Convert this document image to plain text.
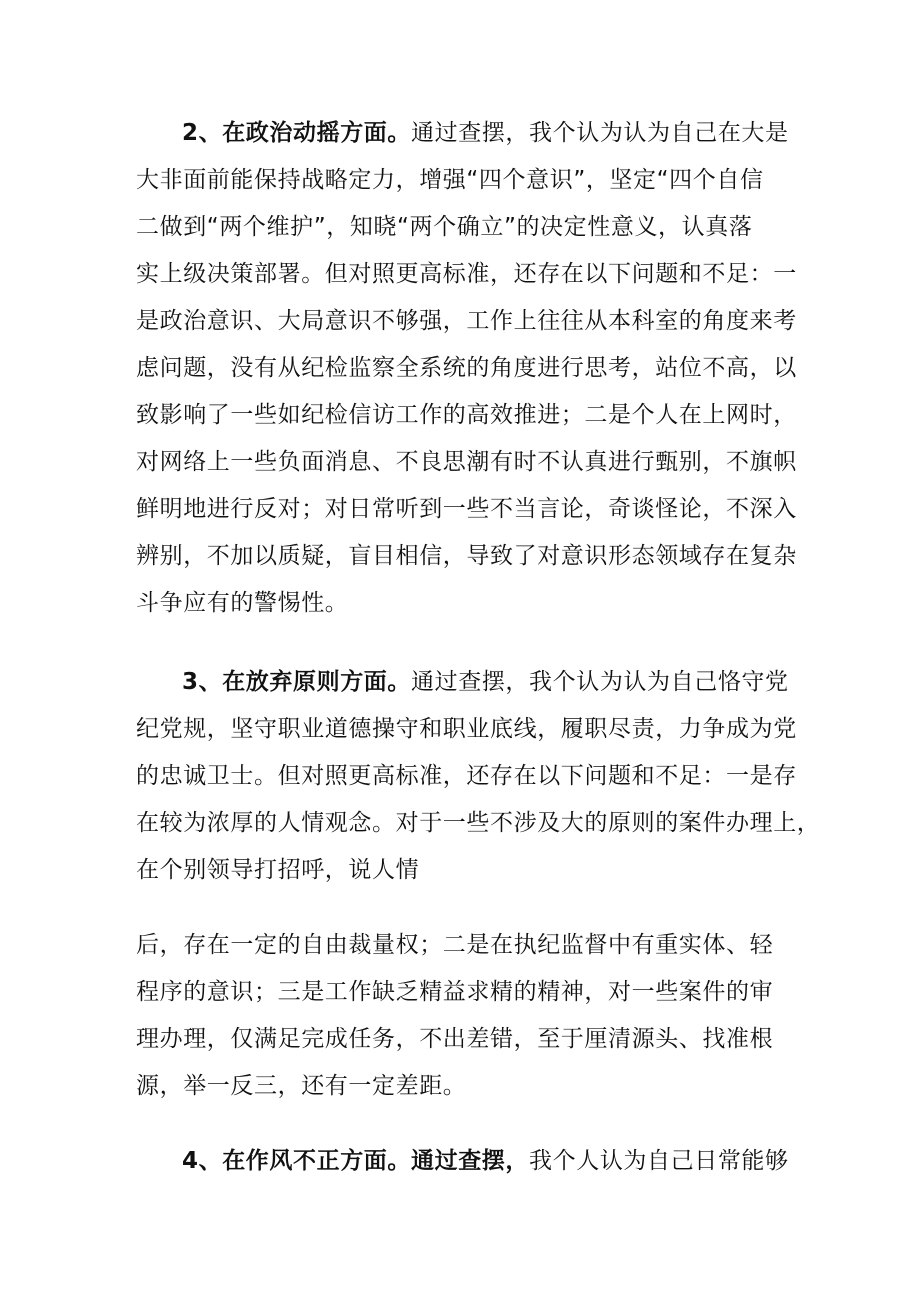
2、在政治动摇方面。通过查摆，我个认为认为自己在大是
大非面前能保持战略定力，增强“四个意识”，坚定“四个自信
二做到“两个维护”，知晓“两个确立”的决定性意义，认真落
实上级决策部署。但对照更高标准，还存在以下问题和不足：一
是政治意识、大局意识不够强，工作上往往从本科室的角度来考
虑问题，没有从纪检监察全系统的角度进行思考，站位不高，以
致影响了一些如纪检信访工作的高效推进；二是个人在上网时，
对网络上一些负面消息、不良思潮有时不认真进行甄别，不旗帜
鲜明地进行反对；对日常听到一些不当言论，奇谈怪论，不深入
辨别，不加以质疑，盲目相信，导致了对意识形态领域存在复杂
斗争应有的警惕性。
3、在放弃原则方面。通过查摆，我个认为认为自己恪守党
纪党规，坚守职业道德操守和职业底线，履职尽责，力争成为党
的忠诚卫士。但对照更高标准，还存在以下问题和不足：一是存
在较为浓厚的人情观念。对于一些不涉及大的原则的案件办理上，
在个别领导打招呼，说人情
后，存在一定的自由裁量权；二是在执纪监督中有重实体、轻
程序的意识；三是工作缺乏精益求精的精神，对一些案件的审
理办理，仅满足完成任务，不出差错，至于厘清源头、找准根
源，举一反三，还有一定差距。
4、在作风不正方面。通过查摆，我个人认为自己日常能够
